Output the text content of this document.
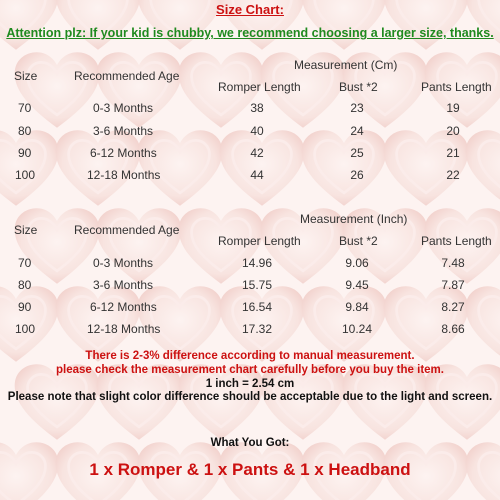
Size Chart:
Attention plz: If your kid is chubby, we recommend choosing a larger size, thanks.
Measurement (Cm)
Size	Recommended Age
Romper Length	Bust *2	Pants Length
70	0-3 Months	38	23	19
80	3-6 Months	40	24	20
90	6-12 Months	42	25	21
100	12-18 Months	44	26	22
Measurement (Inch)
Size	Recommended Age
Romper Length	Bust *2	Pants Length
70	0-3 Months	14.96	9.06	7.48
80	3-6 Months	15.75	9.45	7.87
90	6-12 Months	16.54	9.84	8.27
100	12-18 Months	17.32	10.24	8.66
There is 2-3% difference according to manual measurement.
please check the measurement chart carefully before you buy the item.
1 inch = 2.54 cm
Please note that slight color difference should be acceptable due to the light and screen.
What You Got:
1 x Romper & 1 x Pants & 1 x Headband
